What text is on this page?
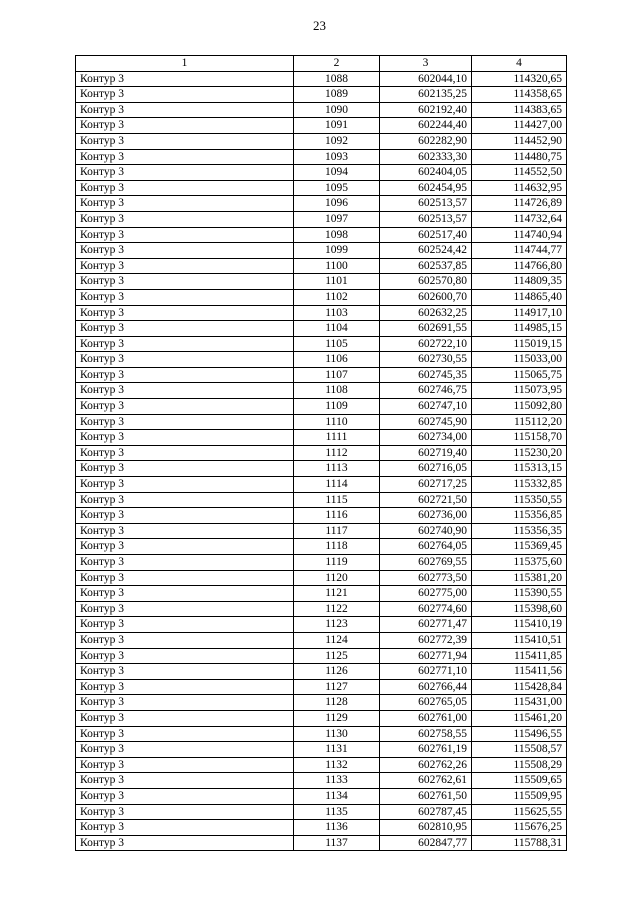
23
1	2	3	4
Контур 3	1088	602044,10	114320,65
Контур 3	1089	602135,25	114358,65
Контур 3	1090	602192,40	114383,65
Контур 3	1091	602244,40	114427,00
Контур 3	1092	602282,90	114452,90
Контур 3	1093	602333,30	114480,75
Контур 3	1094	602404,05	114552,50
Контур 3	1095	602454,95	114632,95
Контур 3	1096	602513,57	114726,89
Контур 3	1097	602513,57	114732,64
Контур 3	1098	602517,40	114740,94
Контур 3	1099	602524,42	114744,77
Контур 3	1100	602537,85	114766,80
Контур 3	1101	602570,80	114809,35
Контур 3	1102	602600,70	114865,40
Контур 3	1103	602632,25	114917,10
Контур 3	1104	602691,55	114985,15
Контур 3	1105	602722,10	115019,15
Контур 3	1106	602730,55	115033,00
Контур 3	1107	602745,35	115065,75
Контур 3	1108	602746,75	115073,95
Контур 3	1109	602747,10	115092,80
Контур 3	1110	602745,90	115112,20
Контур 3	1111	602734,00	115158,70
Контур 3	1112	602719,40	115230,20
Контур 3	1113	602716,05	115313,15
Контур 3	1114	602717,25	115332,85
Контур 3	1115	602721,50	115350,55
Контур 3	1116	602736,00	115356,85
Контур 3	1117	602740,90	115356,35
Контур 3	1118	602764,05	115369,45
Контур 3	1119	602769,55	115375,60
Контур 3	1120	602773,50	115381,20
Контур 3	1121	602775,00	115390,55
Контур 3	1122	602774,60	115398,60
Контур 3	1123	602771,47	115410,19
Контур 3	1124	602772,39	115410,51
Контур 3	1125	602771,94	115411,85
Контур 3	1126	602771,10	115411,56
Контур 3	1127	602766,44	115428,84
Контур 3	1128	602765,05	115431,00
Контур 3	1129	602761,00	115461,20
Контур 3	1130	602758,55	115496,55
Контур 3	1131	602761,19	115508,57
Контур 3	1132	602762,26	115508,29
Контур 3	1133	602762,61	115509,65
Контур 3	1134	602761,50	115509,95
Контур 3	1135	602787,45	115625,55
Контур 3	1136	602810,95	115676,25
Контур 3	1137	602847,77	115788,31
